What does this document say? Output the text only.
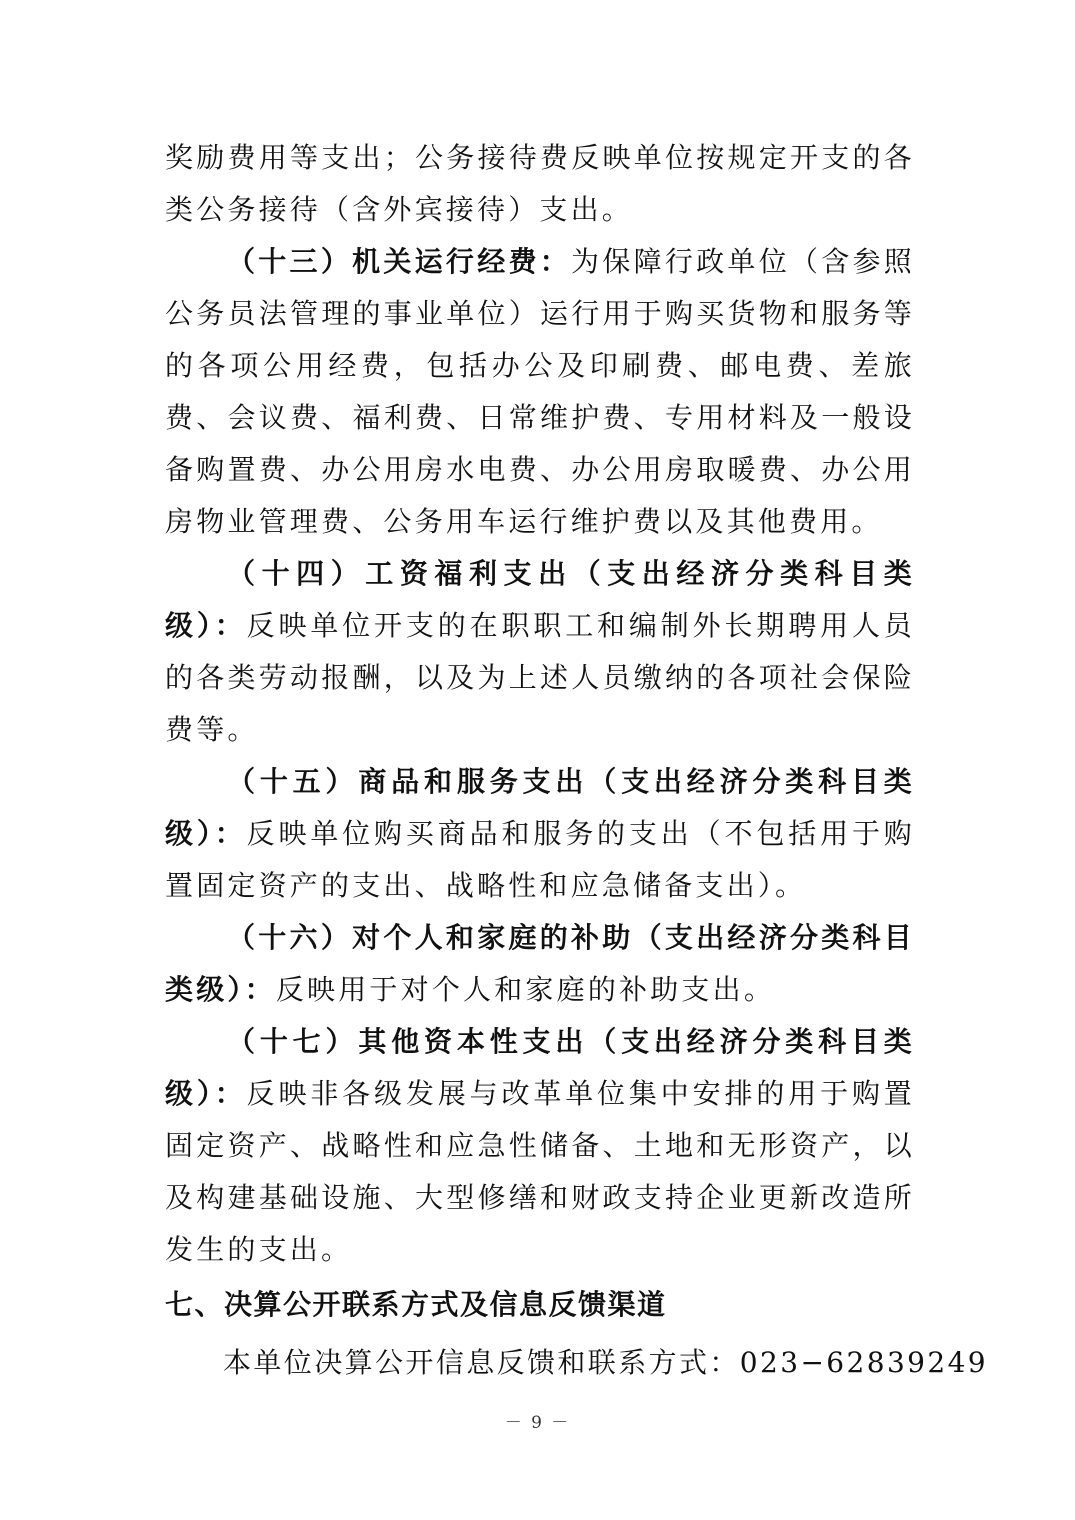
奖励费用等支出；公务接待费反映单位按规定开支的各类公务接待（含外宾接待）支出。

（十三）机关运行经费：为保障行政单位（含参照公务员法管理的事业单位）运行用于购买货物和服务等的各项公用经费，包括办公及印刷费、邮电费、差旅费、会议费、福利费、日常维护费、专用材料及一般设备购置费、办公用房水电费、办公用房取暖费、办公用房物业管理费、公务用车运行维护费以及其他费用。

（十四）工资福利支出（支出经济分类科目类级）：反映单位开支的在职职工和编制外长期聘用人员的各类劳动报酬，以及为上述人员缴纳的各项社会保险费等。

（十五）商品和服务支出（支出经济分类科目类级）：反映单位购买商品和服务的支出（不包括用于购置固定资产的支出、战略性和应急储备支出）。

（十六）对个人和家庭的补助（支出经济分类科目类级）：反映用于对个人和家庭的补助支出。

（十七）其他资本性支出（支出经济分类科目类级）：反映非各级发展与改革单位集中安排的用于购置固定资产、战略性和应急性储备、土地和无形资产，以及构建基础设施、大型修缮和财政支持企业更新改造所发生的支出。

七、决算公开联系方式及信息反馈渠道

本单位决算公开信息反馈和联系方式：023−62839249

－ 9 －
